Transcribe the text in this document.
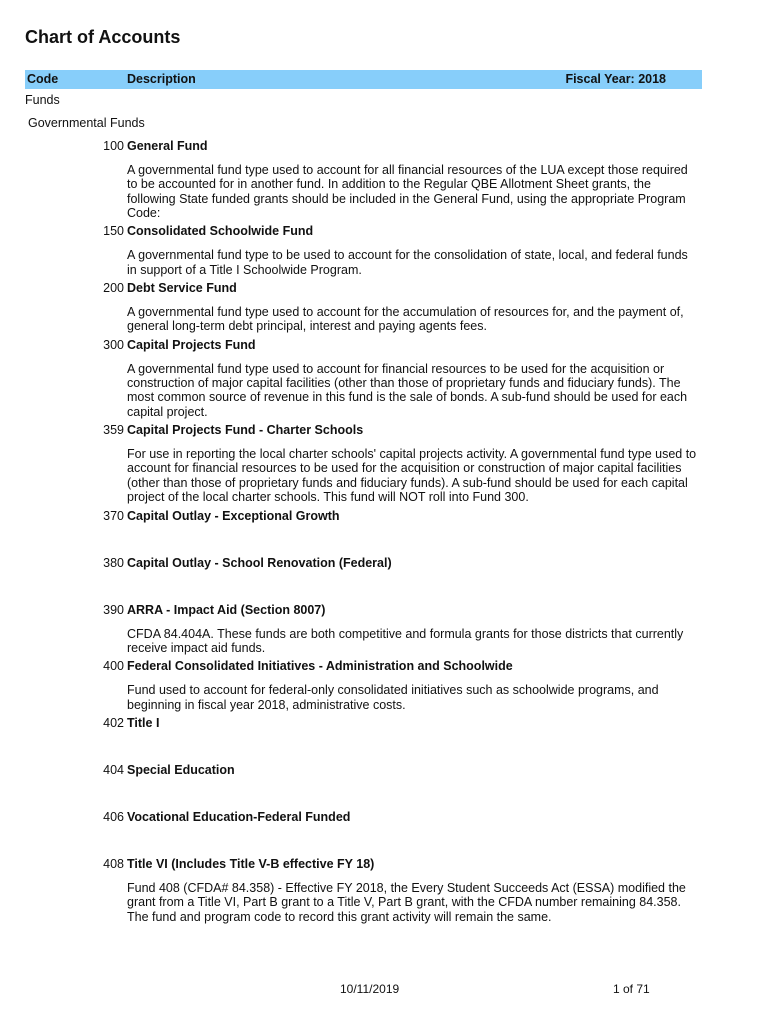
Chart of Accounts
Code	Description	Fiscal Year: 2018
Funds
Governmental Funds
100 General Fund
A governmental fund type used to account for all financial resources of the LUA except those required to be accounted for in another fund. In addition to the Regular QBE Allotment Sheet grants, the following State funded grants should be included in the General Fund, using the appropriate Program Code:
150 Consolidated Schoolwide Fund
A governmental fund type to be used to account for the consolidation of state, local, and federal funds in support of a Title I Schoolwide Program.
200 Debt Service Fund
A governmental fund type used to account for the accumulation of resources for, and the payment of, general long-term debt principal, interest and paying agents fees.
300 Capital Projects Fund
A governmental fund type used to account for financial resources to be used for the acquisition or construction of major capital facilities (other than those of proprietary funds and fiduciary funds). The most common source of revenue in this fund is the sale of bonds. A sub-fund should be used for each capital project.
359 Capital Projects Fund - Charter Schools
For use in reporting the local charter schools' capital projects activity. A governmental fund type used to account for financial resources to be used for the acquisition or construction of major capital facilities (other than those of proprietary funds and fiduciary funds). A sub-fund should be used for each capital project of the local charter schools. This fund will NOT roll into Fund 300.
370 Capital Outlay - Exceptional Growth
380 Capital Outlay - School Renovation (Federal)
390 ARRA - Impact Aid (Section 8007)
CFDA 84.404A. These funds are both competitive and formula grants for those districts that currently receive impact aid funds.
400 Federal Consolidated Initiatives - Administration and Schoolwide
Fund used to account for federal-only consolidated initiatives such as schoolwide programs, and beginning in fiscal year 2018, administrative costs.
402 Title I
404 Special Education
406 Vocational Education-Federal Funded
408 Title VI (Includes Title V-B effective FY 18)
Fund 408 (CFDA# 84.358) - Effective FY 2018, the Every Student Succeeds Act (ESSA) modified the grant from a Title VI, Part B grant to a Title V, Part B grant, with the CFDA number remaining 84.358. The fund and program code to record this grant activity will remain the same.
10/11/2019	1 of 71
